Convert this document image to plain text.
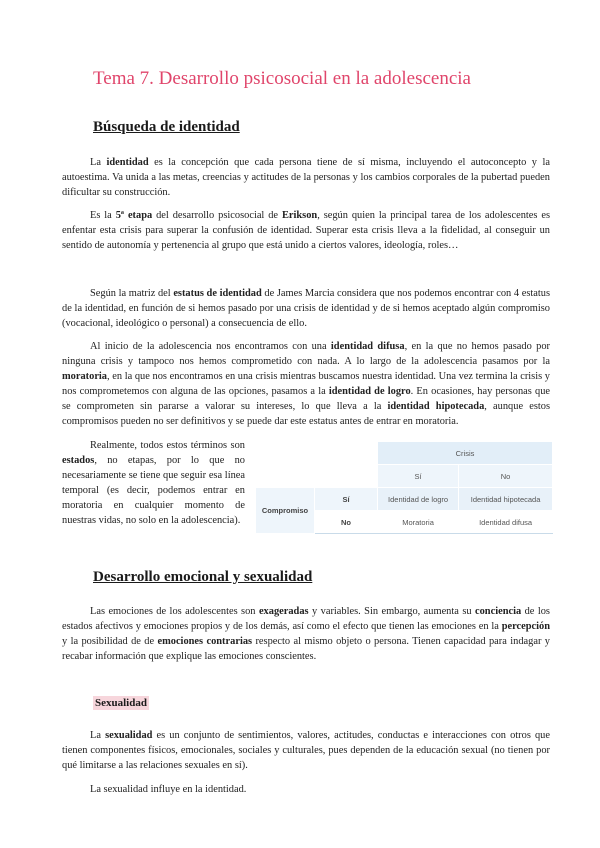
Tema 7. Desarrollo psicosocial en la adolescencia
Búsqueda de identidad

La identidad es la concepción que cada persona tiene de sí misma, incluyendo el autoconcepto y la autoestima. Va unida a las metas, creencias y actitudes de la personas y los cambios corporales de la pubertad pueden dificultar su construcción.

Es la 5ª etapa del desarrollo psicosocial de Erikson, según quien la principal tarea de los adolescentes es enfentar esta crisis para superar la confusión de identidad. Superar esta crisis lleva a la fidelidad, al conseguir un sentido de autonomía y pertenencia al grupo que está unido a ciertos valores, ideología, roles…

Según la matriz del estatus de identidad de James Marcia considera que nos podemos encontrar con 4 estatus de la identidad, en función de si hemos pasado por una crisis de identidad y de si hemos aceptado algún compromiso (vocacional, ideológico o personal) a consecuencia de ello.

Al inicio de la adolescencia nos encontramos con una identidad difusa, en la que no hemos pasado por ninguna crisis y tampoco nos hemos comprometido con nada. A lo largo de la adolescencia pasamos por la moratoria, en la que nos encontramos en una crisis mientras buscamos nuestra identidad. Una vez termina la crisis y nos comprometemos con alguna de las opciones, pasamos a la identidad de logro. En ocasiones, hay personas que se comprometen sin pararse a valorar su intereses, lo que lleva a la identidad hipotecada, aunque estos compromisos pueden no ser definitivos y se puede dar este estatus antes de entrar en moratoria.

Realmente, todos estos términos son estados, no etapas, por lo que no necesariamente se tiene que seguir esa línea temporal (es decir, podemos entrar en moratoria en cualquier momento de nuestras vidas, no solo en la adolescencia).

		Crisis	
		Sí	No
Compromiso	Sí	Identidad de logro	Identidad hipotecada
	No	Moratoria	Identidad difusa
Desarrollo emocional y sexualidad

Las emociones de los adolescentes son exageradas y variables. Sin embargo, aumenta su conciencia de los estados afectivos y emociones propios y de los demás, así como el efecto que tienen las emociones en la percepción y la posibilidad de de emociones contrarias respecto al mismo objeto o persona. Tienen capacidad para indagar y recabar información que explique las emociones conscientes.

Sexualidad

La sexualidad es un conjunto de sentimientos, valores, actitudes, conductas e interacciones con otros que tienen componentes físicos, emocionales, sociales y culturales, pues dependen de la educación sexual (no tienen por qué limitarse a las relaciones sexuales en sí).

La sexualidad influye en la identidad.
